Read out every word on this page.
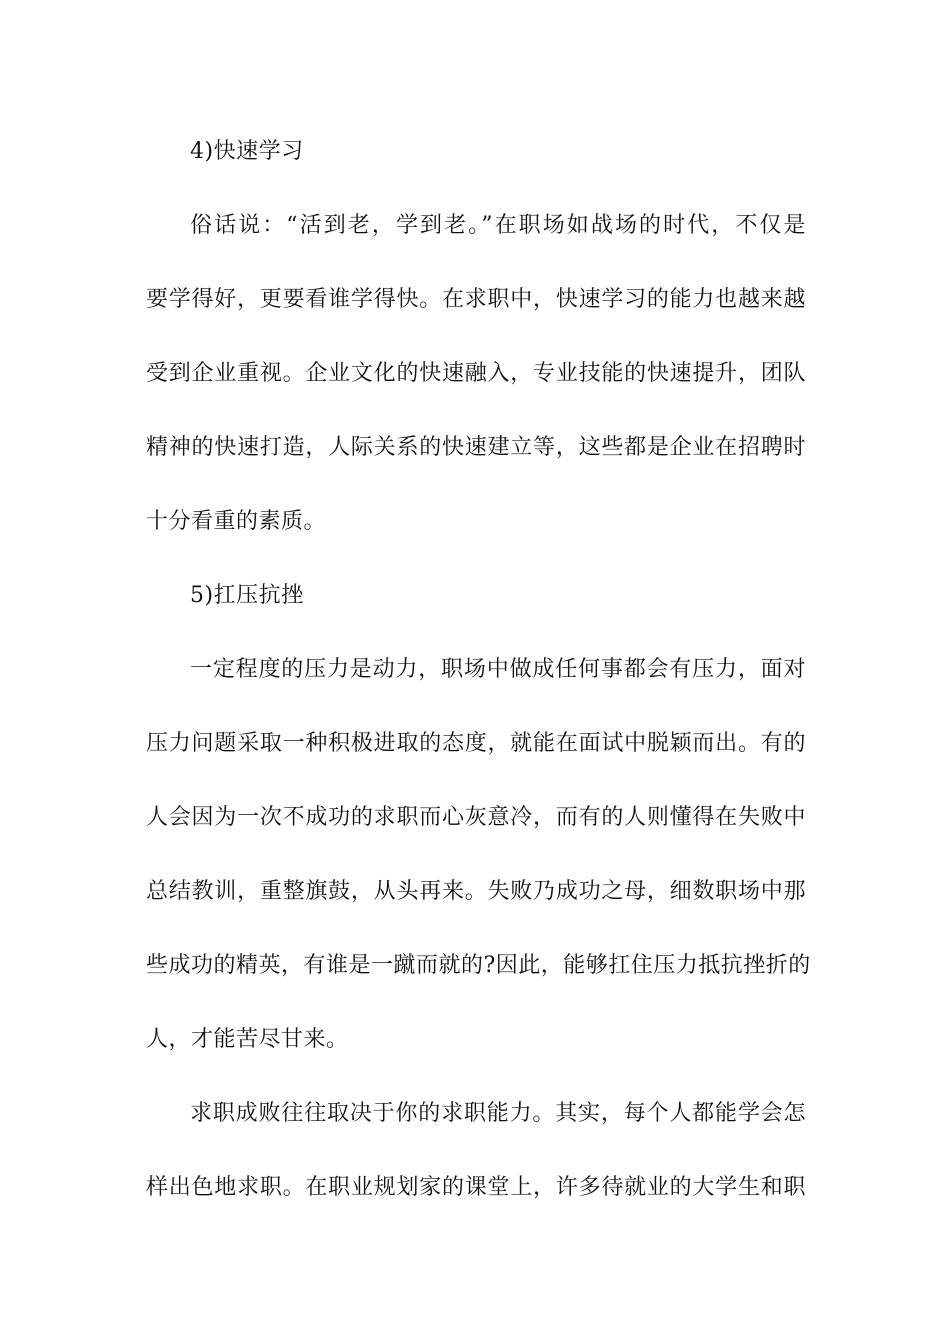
4)快速学习
俗话说：“活到老，学到老。”在职场如战场的时代，不仅是
要学得好，更要看谁学得快。在求职中，快速学习的能力也越来越
受到企业重视。企业文化的快速融入，专业技能的快速提升，团队
精神的快速打造，人际关系的快速建立等，这些都是企业在招聘时
十分看重的素质。
5)扛压抗挫
一定程度的压力是动力，职场中做成任何事都会有压力，面对
压力问题采取一种积极进取的态度，就能在面试中脱颖而出。有的
人会因为一次不成功的求职而心灰意冷，而有的人则懂得在失败中
总结教训，重整旗鼓，从头再来。失败乃成功之母，细数职场中那
些成功的精英，有谁是一蹴而就的?因此，能够扛住压力抵抗挫折的
人，才能苦尽甘来。
求职成败往往取决于你的求职能力。其实，每个人都能学会怎
样出色地求职。在职业规划家的课堂上，许多待就业的大学生和职
